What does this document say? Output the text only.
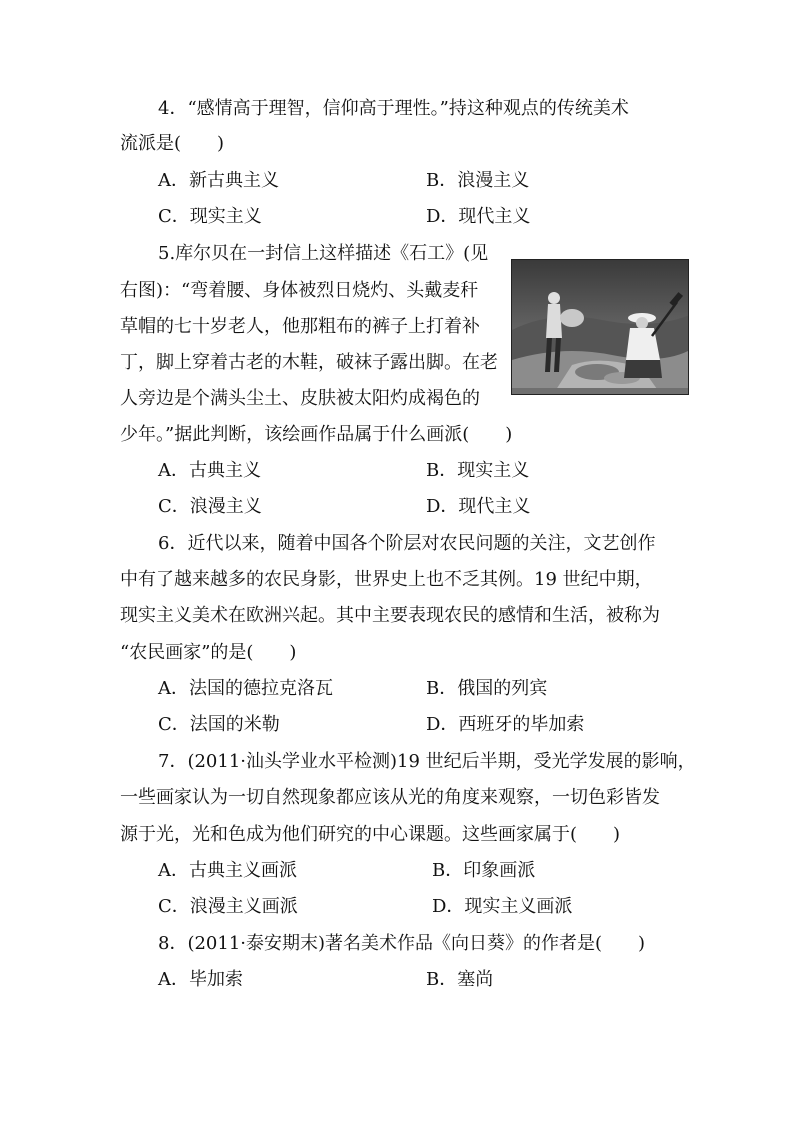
4．“感情高于理智，信仰高于理性。”持这种观点的传统美术
流派是(　　)
A．新古典主义	B．浪漫主义
C．现实主义	D．现代主义
5.库尔贝在一封信上这样描述《石工》(见
右图)：“弯着腰、身体被烈日烧灼、头戴麦秆
草帽的七十岁老人，他那粗布的裤子上打着补
丁，脚上穿着古老的木鞋，破袜子露出脚。在老
人旁边是个满头尘土、皮肤被太阳灼成褐色的
少年。”据此判断，该绘画作品属于什么画派(　　)
A．古典主义	B．现实主义
C．浪漫主义	D．现代主义
6．近代以来，随着中国各个阶层对农民问题的关注，文艺创作
中有了越来越多的农民身影，世界史上也不乏其例。19 世纪中期，
现实主义美术在欧洲兴起。其中主要表现农民的感情和生活，被称为
“农民画家”的是(　　)
A．法国的德拉克洛瓦	B．俄国的列宾
C．法国的米勒	D．西班牙的毕加索
7．(2011·汕头学业水平检测)19 世纪后半期，受光学发展的影响，
一些画家认为一切自然现象都应该从光的角度来观察，一切色彩皆发
源于光，光和色成为他们研究的中心课题。这些画家属于(　　)
A．古典主义画派	B．印象画派
C．浪漫主义画派	D．现实主义画派
8．(2011·泰安期末)著名美术作品《向日葵》的作者是(　　)
A．毕加索	B．塞尚
